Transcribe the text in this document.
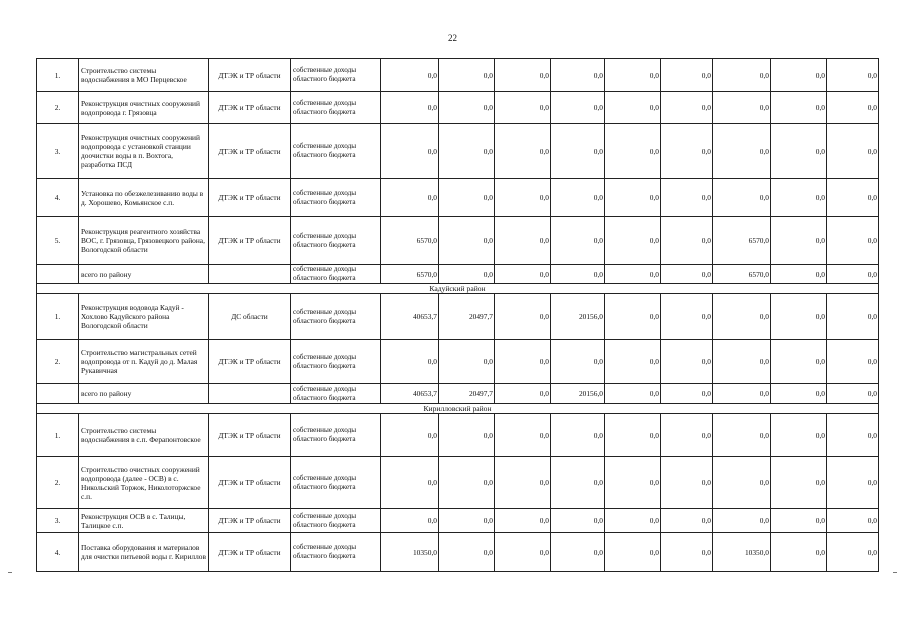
22
1.	Строительство системы водоснабжения в МО Перцевское	ДТЭК и ТР области	собственные доходы областного бюджета	0,0	0,0	0,0	0,0	0,0	0,0	0,0	0,0	0,0
2.	Реконструкция очистных сооружений водопровода г. Грязовца	ДТЭК и ТР области	собственные доходы областного бюджета	0,0	0,0	0,0	0,0	0,0	0,0	0,0	0,0	0,0
3.	Реконструкция очистных сооружений водопровода с установкой станции доочистки воды в п. Вохтога, разработка ПСД	ДТЭК и ТР области	собственные доходы областного бюджета	0,0	0,0	0,0	0,0	0,0	0,0	0,0	0,0	0,0
4.	Установка по обезжелезиванию воды в д. Хорошево, Комьянское с.п.	ДТЭК и ТР области	собственные доходы областного бюджета	0,0	0,0	0,0	0,0	0,0	0,0	0,0	0,0	0,0
5.	Реконструкция реагентного хозяйства ВОС, г. Грязовца, Грязовецкого района, Вологодской области	ДТЭК и ТР области	собственные доходы областного бюджета	6570,0	0,0	0,0	0,0	0,0	0,0	6570,0	0,0	0,0
	всего по району		собственные доходы областного бюджета	6570,0	0,0	0,0	0,0	0,0	0,0	6570,0	0,0	0,0
Кадуйский район												
1.	Реконструкция водовода Кадуй - Хохлово Кадуйского района Вологодской области	ДС области	собственные доходы областного бюджета	40653,7	20497,7	0,0	20156,0	0,0	0,0	0,0	0,0	0,0
2.	Строительство магистральных сетей водопровода от п. Кадуй до д. Малая Рукавичная	ДТЭК и ТР области	собственные доходы областного бюджета	0,0	0,0	0,0	0,0	0,0	0,0	0,0	0,0	0,0
	всего по району		собственные доходы областного бюджета	40653,7	20497,7	0,0	20156,0	0,0	0,0	0,0	0,0	0,0
Кирилловский район												
1.	Строительство системы водоснабжения в с.п. Ферапонтовское	ДТЭК и ТР области	собственные доходы областного бюджета	0,0	0,0	0,0	0,0	0,0	0,0	0,0	0,0	0,0
2.	Строительство очистных сооружений водопровода (далее - ОСВ) в с. Никольский Торжок, Николоторжское с.п.	ДТЭК и ТР области	собственные доходы областного бюджета	0,0	0,0	0,0	0,0	0,0	0,0	0,0	0,0	0,0
3.	Реконструкция ОСВ в с. Талицы, Талицкое с.п.	ДТЭК и ТР области	собственные доходы областного бюджета	0,0	0,0	0,0	0,0	0,0	0,0	0,0	0,0	0,0
4.	Поставка оборудования и материалов для очистки питьевой воды г. Кириллов	ДТЭК и ТР области	собственные доходы областного бюджета	10350,0	0,0	0,0	0,0	0,0	0,0	10350,0	0,0	0,0
